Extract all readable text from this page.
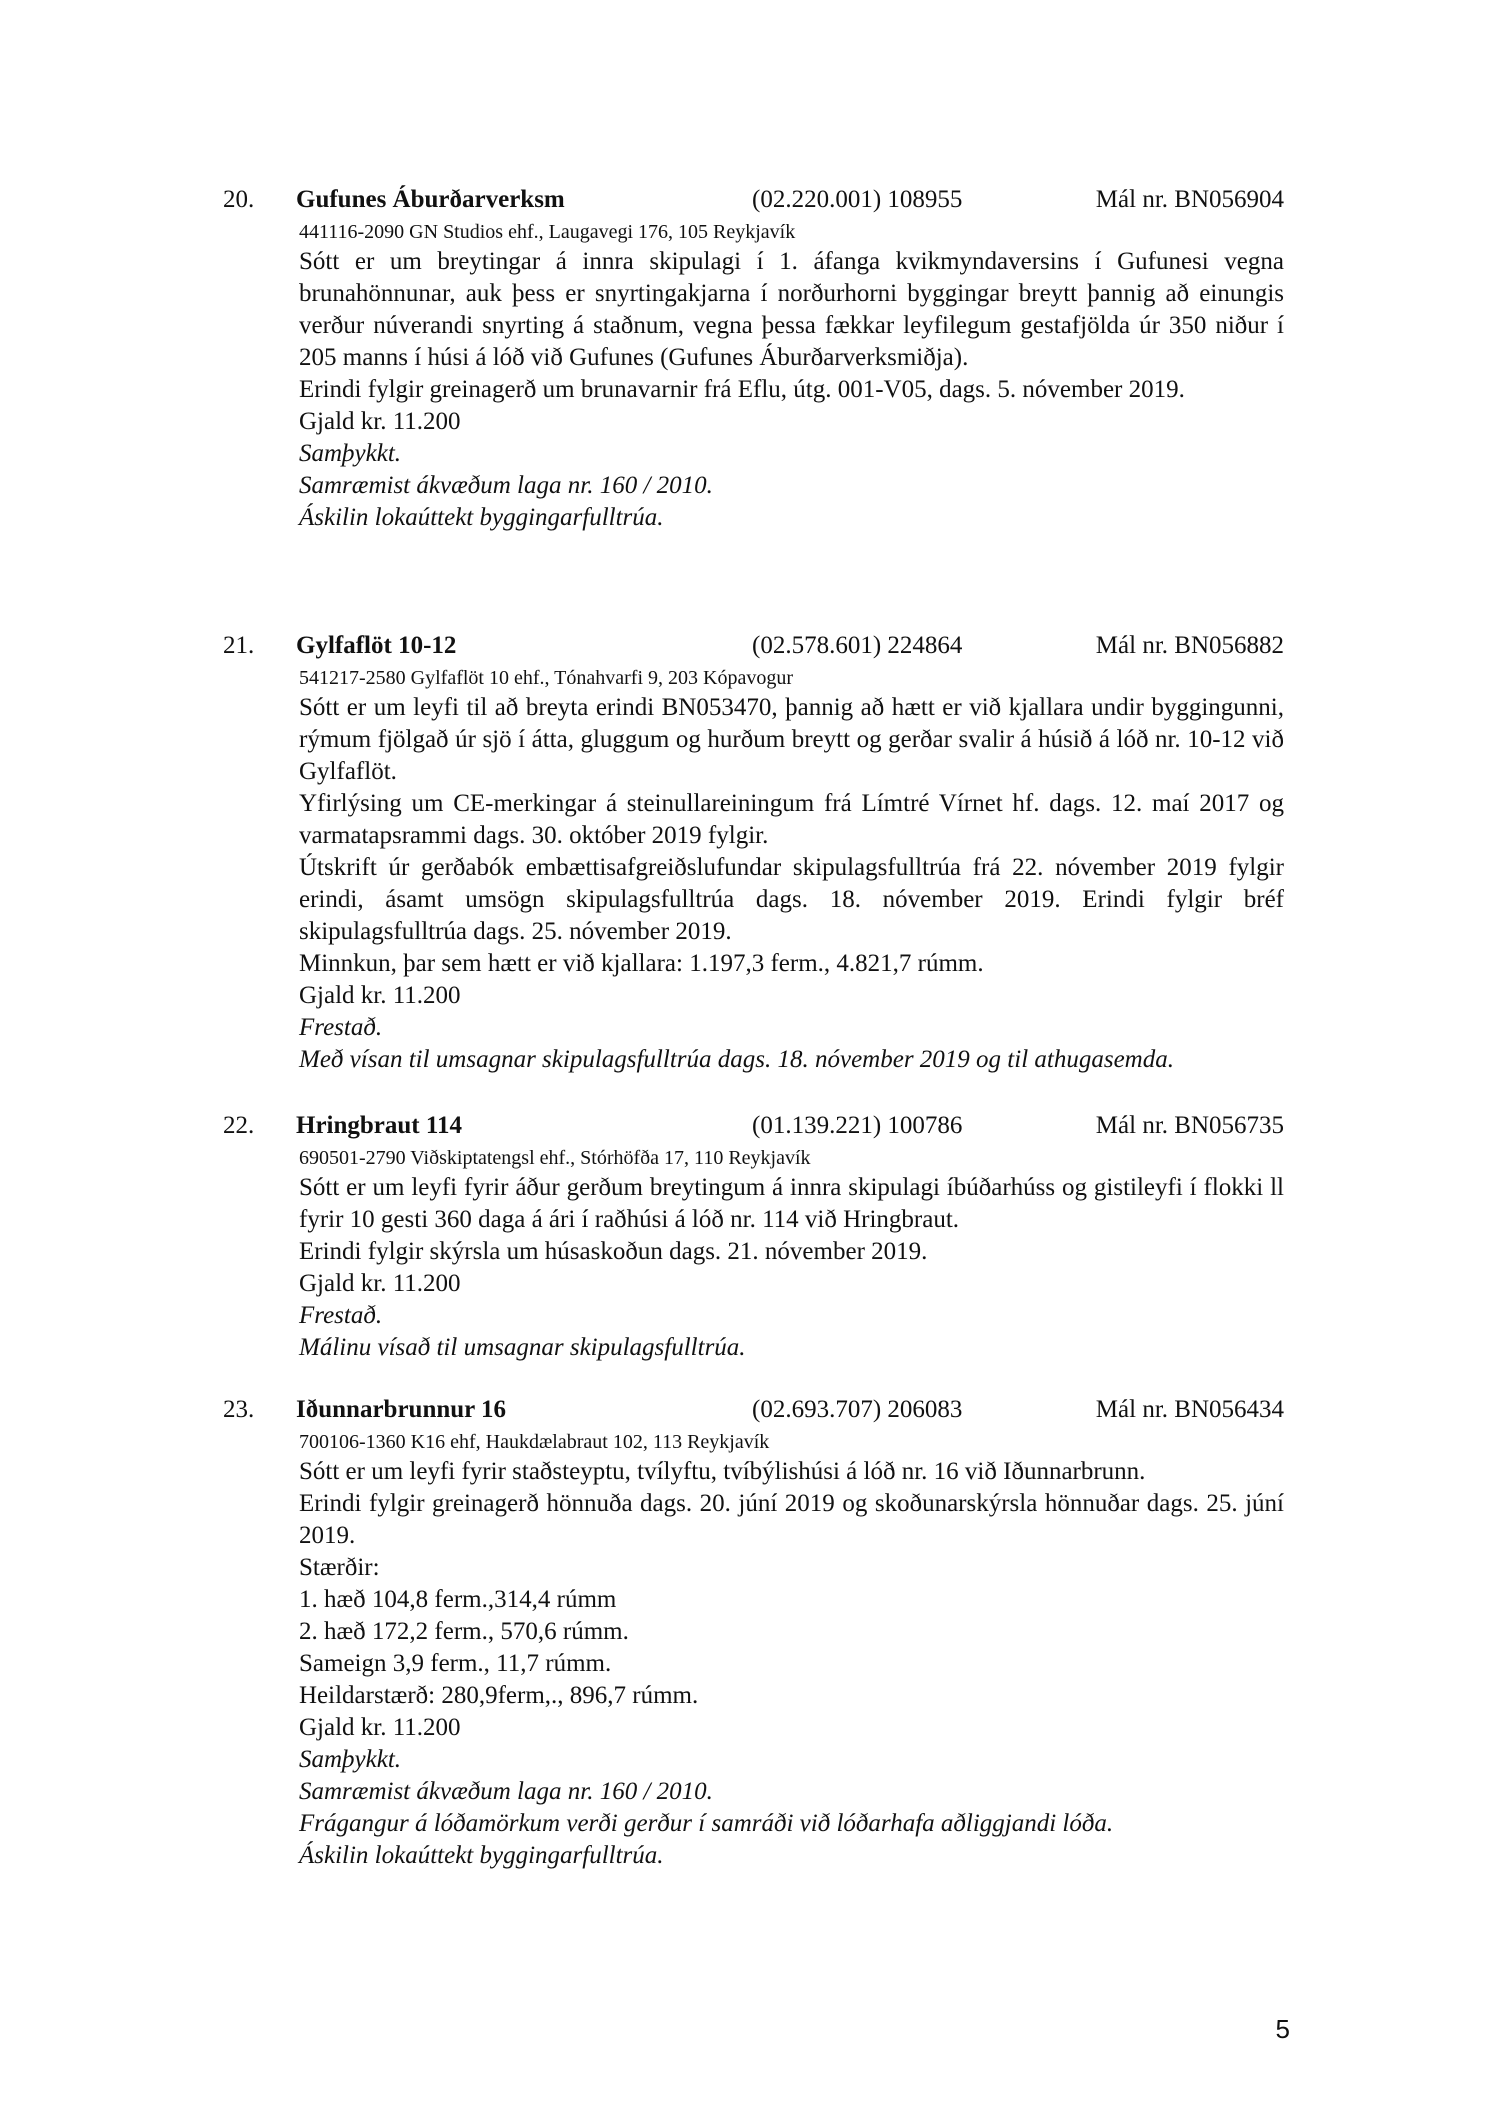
20. Gufunes Áburðarverksm	(02.220.001) 108955	Mál nr. BN056904
441116-2090 GN Studios ehf., Laugavegi 176, 105 Reykjavík
Sótt er um breytingar á innra skipulagi í 1. áfanga kvikmyndaversins í Gufunesi vegna brunahönnunar, auk þess er snyrtingakjarna í norðurhorni byggingar breytt þannig að einungis verður núverandi snyrting á staðnum, vegna þessa fækkar leyfilegum gestafjölda úr 350 niður í 205 manns í húsi á lóð við Gufunes (Gufunes Áburðarverksmiðja).
Erindi fylgir greinagerð um brunavarnir frá Eflu, útg. 001-V05, dags. 5. nóvember 2019.
Gjald kr. 11.200
Samþykkt.
Samræmist ákvæðum laga nr. 160 / 2010.
Áskilin lokaúttekt byggingarfulltrúa.
21. Gylfaflöt 10-12	(02.578.601) 224864	Mál nr. BN056882
541217-2580 Gylfaflöt 10 ehf., Tónahvarfi 9, 203 Kópavogur
Sótt er um leyfi til að breyta erindi BN053470, þannig að hætt er við kjallara undir byggingunni, rýmum fjölgað úr sjö í átta, gluggum og hurðum breytt og gerðar svalir á húsið á lóð nr. 10-12 við Gylfaflöt.
Yfirlýsing um CE-merkingar á steinullareiningum frá Límtré Vírnet hf. dags. 12. maí 2017 og varmatapsrammi dags. 30. október 2019 fylgir.
Útskrift úr gerðabók embættisafgreiðslufundar skipulagsfulltrúa frá 22. nóvember 2019 fylgir erindi, ásamt umsögn skipulagsfulltrúa dags. 18. nóvember 2019. Erindi fylgir bréf skipulagsfulltrúa dags. 25. nóvember 2019.
Minnkun, þar sem hætt er við kjallara: 1.197,3 ferm., 4.821,7 rúmm.
Gjald kr. 11.200
Frestað.
Með vísan til umsagnar skipulagsfulltrúa dags. 18. nóvember 2019 og til athugasemda.
22. Hringbraut 114	(01.139.221) 100786	Mál nr. BN056735
690501-2790 Viðskiptatengsl ehf., Stórhöfða 17, 110 Reykjavík
Sótt er um leyfi fyrir áður gerðum breytingum á innra skipulagi íbúðarhúss og gistileyfi í flokki ll fyrir 10 gesti 360 daga á ári í raðhúsi á lóð nr. 114 við Hringbraut.
Erindi fylgir skýrsla um húsaskoðun dags. 21. nóvember 2019.
Gjald kr. 11.200
Frestað.
Málinu vísað til umsagnar skipulagsfulltrúa.
23. Iðunnarbrunnur 16	(02.693.707) 206083	Mál nr. BN056434
700106-1360 K16 ehf, Haukdælabraut 102, 113 Reykjavík
Sótt er um leyfi fyrir staðsteyptu, tvílyftu, tvíbýlishúsi á lóð nr. 16 við Iðunnarbrunn.
Erindi fylgir greinagerð hönnuða dags. 20. júní 2019 og skoðunarskýrsla hönnuðar dags. 25. júní 2019.
Stærðir:
1. hæð 104,8 ferm.,314,4 rúmm
2. hæð 172,2 ferm., 570,6 rúmm.
Sameign 3,9 ferm., 11,7 rúmm.
Heildarstærð: 280,9ferm,., 896,7 rúmm.
Gjald kr. 11.200
Samþykkt.
Samræmist ákvæðum laga nr. 160 / 2010.
Frágangur á lóðamörkum verði gerður í samráði við lóðarhafa aðliggjandi lóða.
Áskilin lokaúttekt byggingarfulltrúa.
5
